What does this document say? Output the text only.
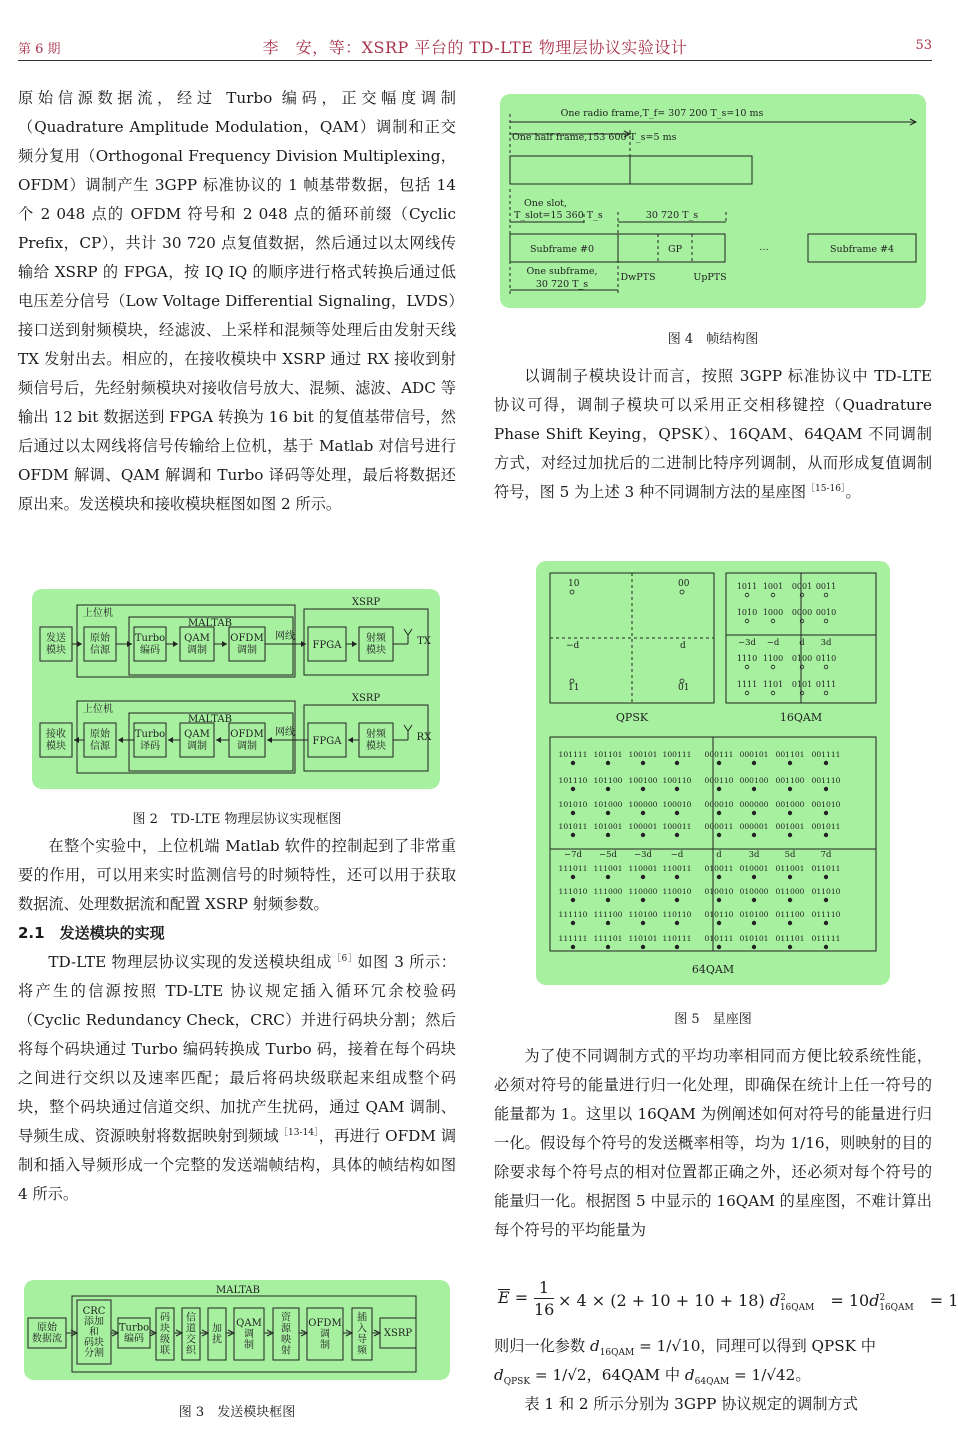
第 6 期	李　安，等：XSRP 平台的 TD-LTE 物理层协议实验设计	53

原始信源数据流，经过 Turbo 编码，正交幅度调制（Quadrature Amplitude Modulation，QAM）调制和正交频分复用（Orthogonal Frequency Division Multiplexing，OFDM）调制产生 3GPP 标准协议的 1 帧基带数据，包括 14 个 2 048 点的 OFDM 符号和 2 048 点的循环前缀（Cyclic Prefix，CP），共计 30 720 点复值数据，然后通过以太网线传输给 XSRP 的 FPGA，按 IQ IQ 的顺序进行格式转换后通过低电压差分信号（Low Voltage Differential Signaling，LVDS）接口送到射频模块，经滤波、上采样和混频等处理后由发射天线 TX 发射出去。相应的，在接收模块中 XSRP 通过 RX 接收到射频信号后，先经射频模块对接收信号放大、混频、滤波、ADC 等输出 12 bit 数据送到 FPGA 转换为 16 bit 的复值基带信号，然后通过以太网线将信号传输给上位机，基于 Matlab 对信号进行 OFDM 解调、QAM 解调和 Turbo 译码等处理，最后将数据还原出来。发送模块和接收模块框图如图 2 所示。

上位机
MALTAB
XSRP
网线
FPGA	TX
上位机
MALTAB
XSRP
网线
FPGA	RX
发送
模块
原始
信源
Turbo
编码
QAM
调制
OFDM
调制
射频
模块
接收
模块
原始
信源
Turbo
译码
QAM
调制
OFDM
调制
射频
模块
图 2　TD-LTE 物理层协议实现框图

在整个实验中，上位机端 Matlab 软件的控制起到了非常重要的作用，可以用来实时监测信号的时频特性，还可以用于获取数据流、处理数据流和配置 XSRP 射频参数。

2.1　发送模块的实现

TD-LTE 物理层协议实现的发送模块组成$^{[6]}$如图 3 所示：将产生的信源按照 TD-LTE 协议规定插入循环冗余校验码（Cyclic Redundancy Check，CRC）并进行码块分割；然后将每个码块通过 Turbo 编码转换成 Turbo 码，接着在每个码块之间进行交织以及速率匹配；最后将码块级联起来组成整个码块，整个码块通过信道交织、加扰产生扰码，通过 QAM 调制、导频生成、资源映射将数据映射到频域$^{[13-14]}$，再进行 OFDM 调制和插入导频形成一个完整的发送端帧结构，具体的帧结构如图 4 所示。

MALTAB
原始
数据流
CRC
添加
和
码块
分割
Turbo
编码
码
块
级
联
信
道
交
织
加
扰
QAM
调
制
资
源
映
射
OFDM
调
制
插
入
导
频
XSRP
图 3　发送模块框图
One radio frame,T_f= 307 200 T_s=10 ms
One half frame,153 600 T_s=5 ms
One slot,
T_slot=15 360 T_s	30 720 T_s
Subframe #0	GP	…	Subframe #4
One subframe,
30 720 T_s
DwPTS	UpPTS
图 4　帧结构图

以调制子模块设计而言，按照 3GPP 标准协议中 TD-LTE 协议可得，调制子模块可以采用正交相移键控（Quadrature Phase Shift Keying，QPSK）、16QAM、64QAM 不同调制方式，对经过加扰后的二进制比特序列调制，从而形成复值调制符号，图 5 为上述 3 种不同调制方法的星座图$^{[15-16]}$。

10	00
11	01
−d	d
1011 1001 0001 0011
1010 1000 0000 0010
1110 1100 0100 0110
1111 1101 0101 0111
−3d −d d 3d
101111 101101 100101 100111 000111 000101 001101 001111
101110 101100 100100 100110 000110 000100 001100 001110
101010 101000 100000 100010 000010 000000 001000 001010
101011 101001 100001 100011 000011 000001 001001 001011
111011 111001 110001 110011 010011 010001 011001 011011
111010 111000 110000 110010 010010 010000 011000 011010
111110 111100 110100 110110 010110 010100 011100 011110
111111 111101 110101 110111 010111 010101 011101 011111
−7d −5d −3d −d	d	3d	5d	7d
QPSK	16QAM
64QAM
图 5　星座图

为了使不同调制方式的平均功率相同而方便比较系统性能，必须对符号的能量进行归一化处理，即确保在统计上任一符号的能量都为 1。这里以 16QAM 为例阐述如何对符号的能量进行归一化。假设每个符号的发送概率相等，均为 1/16，则映射的目的除要求每个符号点的相对位置都正确之外，还必须对每个符号的能量归一化。根据图 5 中显示的 16QAM 的星座图，不难计算出每个符号的平均能量为

$E = \frac{1}{16} \times 4 \times (2 + 10 + 10 + 18)$ $d^2_{16QAM}$　 = $10d^2_{16QAM}$　 = 1

则归一化参数 $d_{16QAM} = 1/√10$，同理可以得到 QPSK 中

$d_{QPSK} = 1/√2$，64QAM 中 $d_{64QAM} = 1/√42$。

表 1 和 2 所示分别为 3GPP 协议规定的调制方式
